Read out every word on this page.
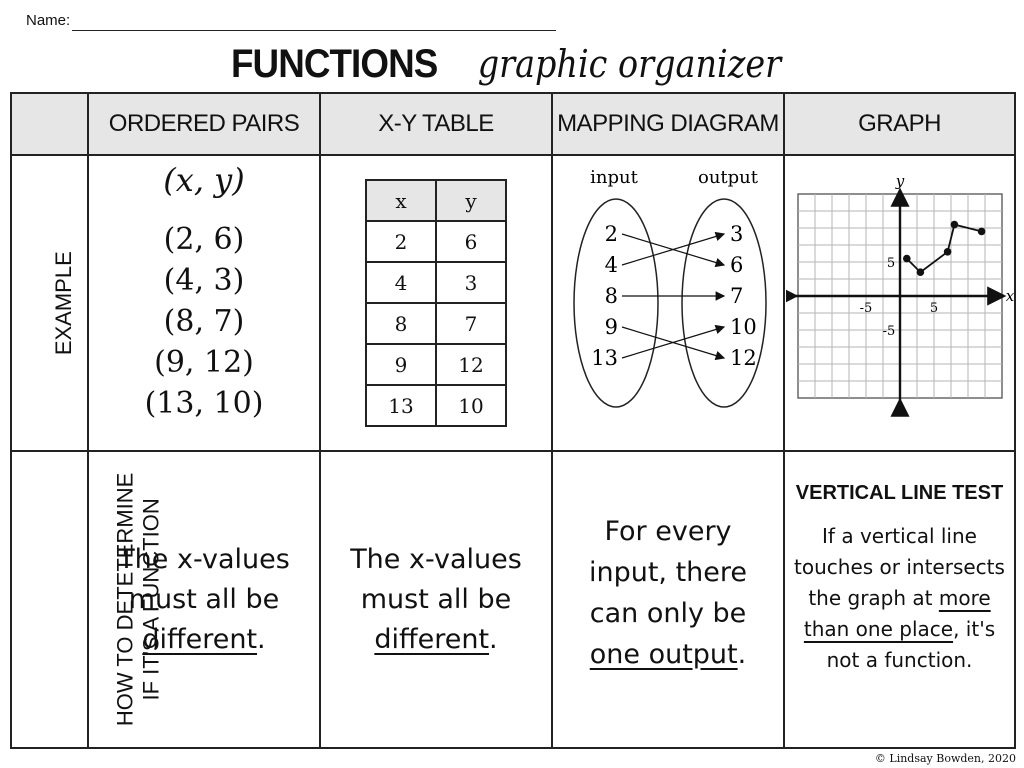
Name:
FUNCTIONS graphic organizer
	ORDERED PAIRS	X-Y TABLE	MAPPING DIAGRAM	GRAPH
EXAMPLE	
(x, y)
(2, 6)
(4, 3)
(8, 7)
(9, 12)
(13, 10)

x	y
2	6
4	3
8	7
9	12
13	10

input	output
2
4
8
9
13
3
6
7
10
12

x
y
-5	5
5
-5

HOW TO DETETERMINE
IF IT'S A FUNCTION	
The x-values must all be different.

The x-values must all be different.

For every input, there can only be one output.

VERTICAL LINE TEST
If a vertical line touches or intersects the graph at more than one place, it's not a function.
© Lindsay Bowden, 2020
